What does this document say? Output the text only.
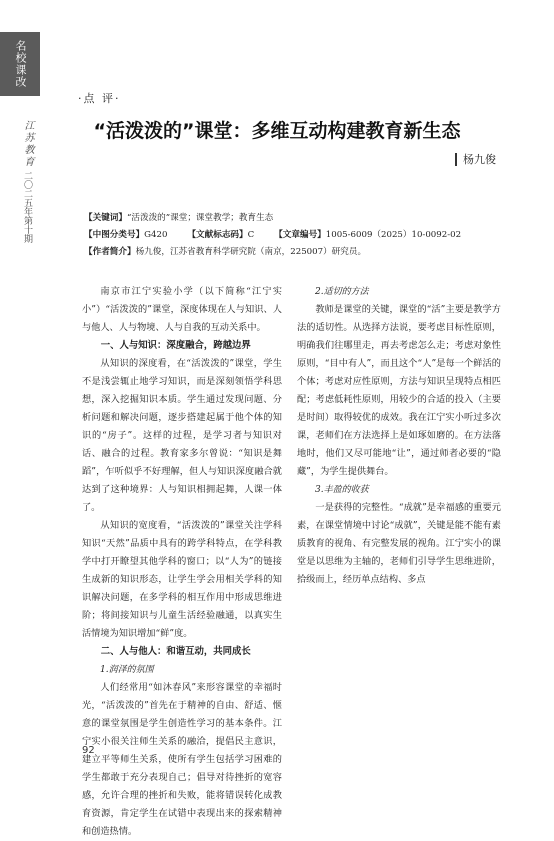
名校课改
江苏教育 二〇二五年第十期
·点 评·
“活泼泼的”课堂：多维互动构建教育新生态
杨九俊
【关键词】 “活泼泼的”课堂；课堂教学；教育生态
【中图分类号】G420 【文献标志码】C 【文章编号】1005-6009（2025）10-0092-02
【作者简介】 杨九俊，江苏省教育科学研究院（南京，225007）研究员。

南京市江宁实验小学（以下简称“江宁实小”）“活泼泼的”课堂，深度体现在人与知识、人与他人、人与物境、人与自我的互动关系中。

一、人与知识：深度融合，跨越边界

从知识的深度看，在“活泼泼的”课堂，学生不是浅尝辄止地学习知识，而是深刻领悟学科思想，深入挖掘知识本质。学生通过发现问题、分析问题和解决问题，逐步搭建起属于他个体的知识的“房子”。这样的过程，是学习者与知识对话、融合的过程。教育家多尔曾说：“知识是舞蹈”，乍听似乎不好理解，但人与知识深度融合就达到了这种境界：人与知识相拥起舞，人课一体了。

从知识的宽度看，“活泼泼的”课堂关注学科知识“天然”品质中具有的跨学科特点，在学科教学中打开瞭望其他学科的窗口；以“人为”的链接生成新的知识形态，让学生学会用相关学科的知识解决问题，在多学科的相互作用中形成思维进阶；将间接知识与儿童生活经验融通，以真实生活情境为知识增加“鲜”度。

二、人与他人：和谐互动，共同成长
1.润泽的氛围

人们经常用“如沐春风”来形容课堂的幸福时光，“活泼泼的”首先在于精神的自由、舒适、惬意的课堂氛围是学生创造性学习的基本条件。江宁实小很关注师生关系的融洽，提倡民主意识，建立平等师生关系，使所有学生包括学习困难的学生都敢于充分表现自己；倡导对待挫折的宽容感，允许合理的挫折和失败，能将错误转化成教育资源，肯定学生在试错中表现出来的探索精神和创造热情。

2.适切的方法

教师是课堂的关键，课堂的“活”主要是教学方法的适切性。从选择方法说，要考虑目标性原则，明确我们往哪里走，再去考虑怎么走；考虑对象性原则，“目中有人”，而且这个“人”是每一个鲜活的个体；考虑对应性原则，方法与知识呈现特点相匹配；考虑低耗性原则，用较少的合适的投入（主要是时间）取得较优的成效。我在江宁实小听过多次课，老师们在方法选择上是如琢如磨的。在方法落地时，他们又尽可能地“让”，通过师者必要的“隐藏”，为学生提供舞台。

3.丰盈的收获

一是获得的完整性。“成就”是幸福感的重要元素，在课堂情境中讨论“成就”，关键是能不能有素质教育的视角、有完整发展的视角。江宁实小的课堂是以思维为主轴的，老师们引导学生思维进阶，拾级而上，经历单点结构、多点

92
